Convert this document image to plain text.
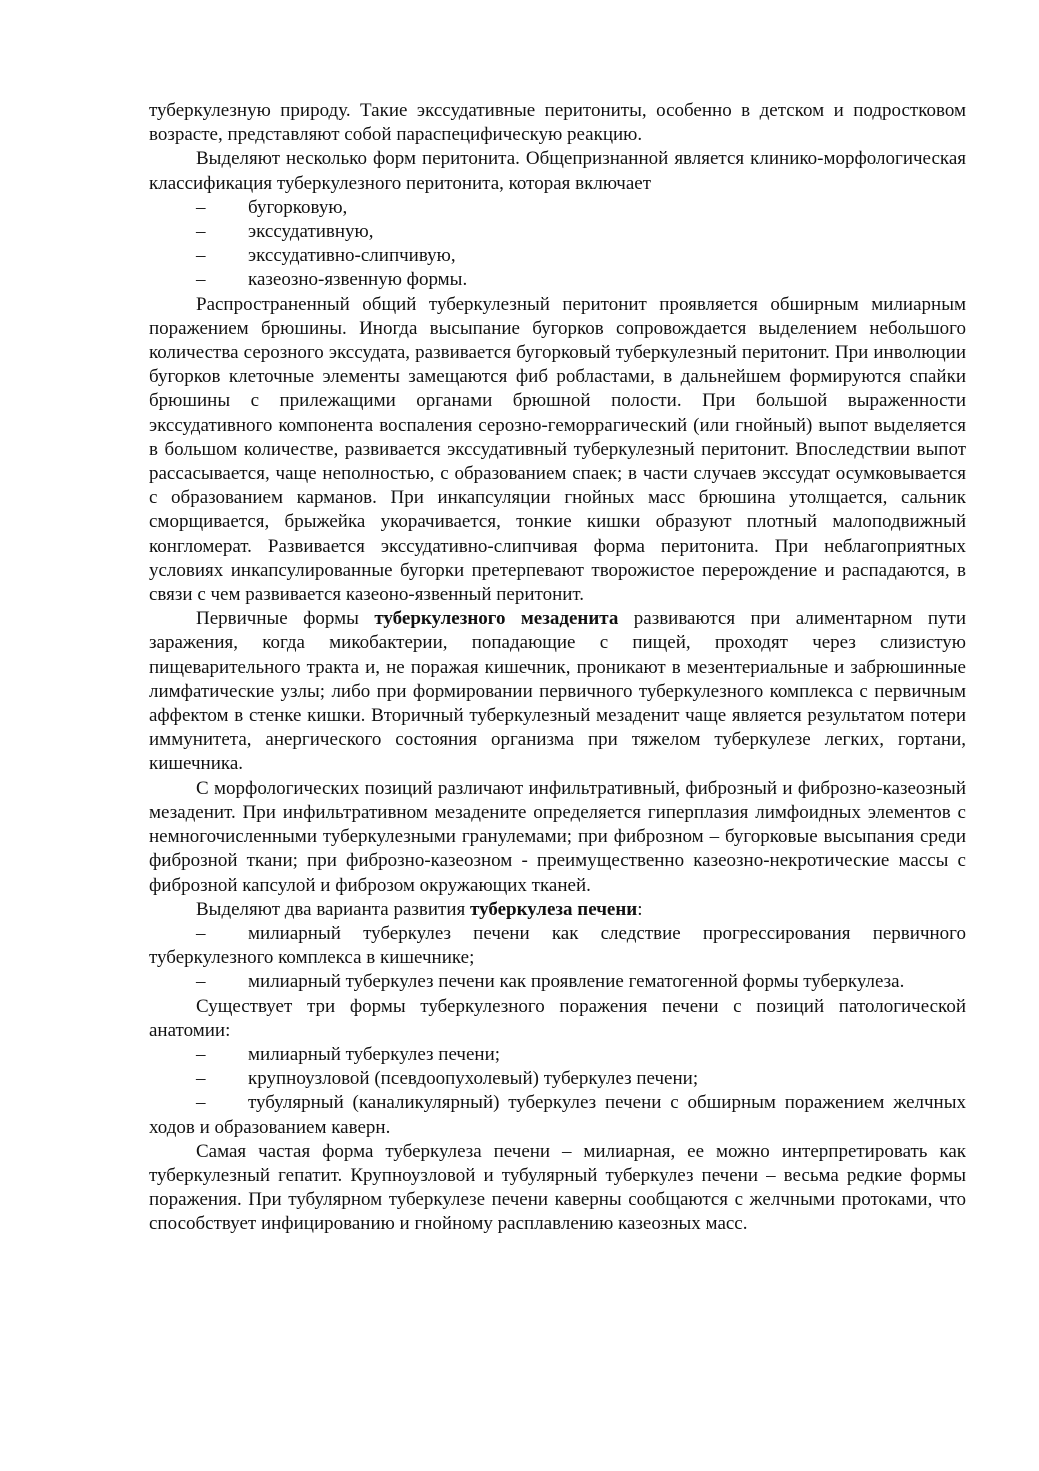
туберкулезную природу. Такие экссудативные перитониты, особенно в детском и подростковом возрасте, представляют собой параспецифическую реакцию.

Выделяют несколько форм перитонита. Общепризнанной является клинико-морфологическая классификация туберкулезного перитонита, которая включает

– бугорковую,
– экссудативную,
– экссудативно-слипчивую,
– казеозно-язвенную формы.

Распространенный общий туберкулезный перитонит проявляется обширным милиарным поражением брюшины. Иногда высыпание бугорков сопровождается выделением небольшого количества серозного экссудата, развивается бугорковый туберкулезный перитонит. При инволюции бугорков клеточные элементы замещаются фиб робластами, в дальнейшем формируются спайки брюшины с прилежащими органами брюшной полости. При большой выраженности экссудативного компонента воспаления серозно-геморрагический (или гнойный) выпот выделяется в большом количестве, развивается экссудативный туберкулезный перитонит. Впоследствии выпот рассасывается, чаще неполностью, с образованием спаек; в части случаев экссудат осумковывается с образованием карманов. При инкапсуляции гнойных масс брюшина утолщается, сальник сморщивается, брыжейка укорачивается, тонкие кишки образуют плотный малоподвижный конгломерат. Развивается экссудативно-слипчивая форма перитонита. При неблагоприятных условиях инкапсулированные бугорки претерпевают творожистое перерождение и распадаются, в связи с чем развивается казеоно-язвенный перитонит.

Первичные формы туберкулезного мезаденита развиваются при алиментарном пути заражения, когда микобактерии, попадающие с пищей, проходят через слизистую пищеварительного тракта и, не поражая кишечник, проникают в мезентериальные и забрюшинные лимфатические узлы; либо при формировании первичного туберкулезного комплекса с первичным аффектом в стенке кишки. Вторичный туберкулезный мезаденит чаще является результатом потери иммунитета, анергического состояния организма при тяжелом туберкулезе легких, гортани, кишечника.

С морфологических позиций различают инфильтративный, фиброзный и фиброзно-казеозный мезаденит. При инфильтративном мезадените определяется гиперплазия лимфоидных элементов с немногочисленными туберкулезными гранулемами; при фиброзном – бугорковые высыпания среди фиброзной ткани; при фиброзно-казеозном - преимущественно казеозно-некротические массы с фиброзной капсулой и фиброзом окружающих тканей.

Выделяют два варианта развития туберкулеза печени:

– милиарный туберкулез печени как следствие прогрессирования первичного туберкулезного комплекса в кишечнике;
– милиарный туберкулез печени как проявление гематогенной формы туберкулеза.

Существует три формы туберкулезного поражения печени с позиций патологической анатомии:

– милиарный туберкулез печени;
– крупноузловой (псевдоопухолевый) туберкулез печени;
– тубулярный (каналикулярный) туберкулез печени с обширным поражением желчных ходов и образованием каверн.

Самая частая форма туберкулеза печени – милиарная, ее можно интерпретировать как туберкулезный гепатит. Крупноузловой и тубулярный туберкулез печени – весьма редкие формы поражения. При тубулярном туберкулезе печени каверны сообщаются с желчными протоками, что способствует инфицированию и гнойному расплавлению казеозных масс.
